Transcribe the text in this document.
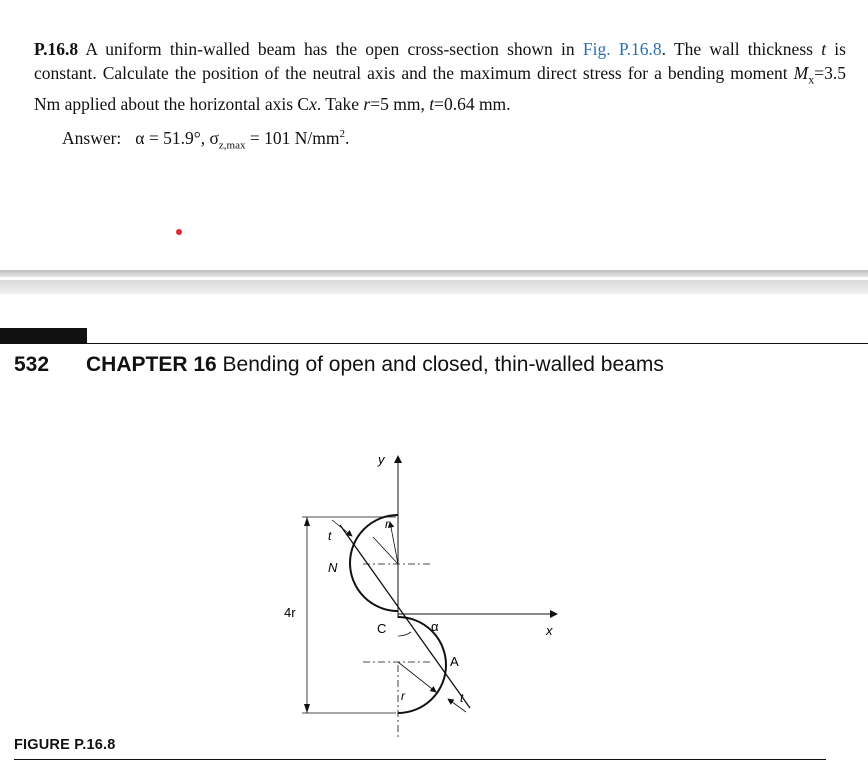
P.16.8 A uniform thin-walled beam has the open cross-section shown in Fig. P.16.8. The wall thickness t is constant. Calculate the position of the neutral axis and the maximum direct stress for a bending moment $M_x=3.5$ Nm applied about the horizontal axis Cx. Take r=5 mm, t=0.64 mm.
Answer: α = 51.9°, $\sigma_{z,max} = 101$ $N/mm^2$.
532 CHAPTER 16 Bending of open and closed, thin-walled beams
y
x
r
t
N
4r
C	α
A
r	t
FIGURE P.16.8
